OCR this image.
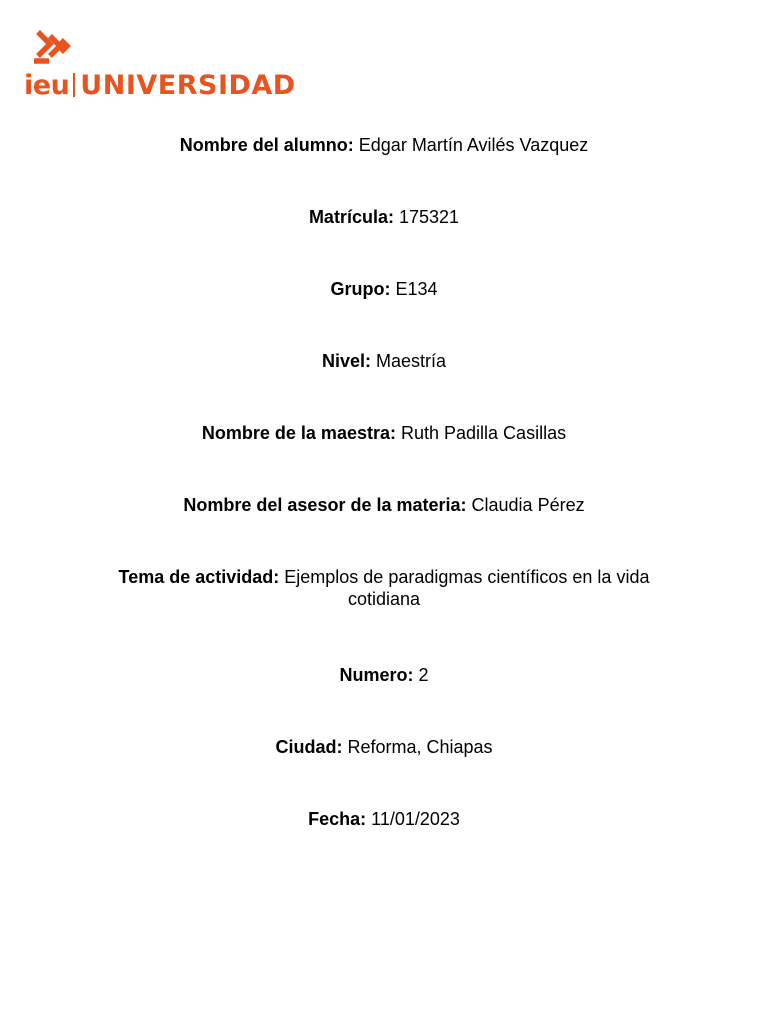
ieu UNIVERSIDAD
Nombre del alumno: Edgar Martín Avilés Vazquez
Matrícula: 175321
Grupo: E134
Nivel: Maestría
Nombre de la maestra: Ruth Padilla Casillas
Nombre del asesor de la materia: Claudia Pérez
Tema de actividad: Ejemplos de paradigmas científicos en la vida cotidiana
Numero: 2
Ciudad: Reforma, Chiapas
Fecha: 11/01/2023
